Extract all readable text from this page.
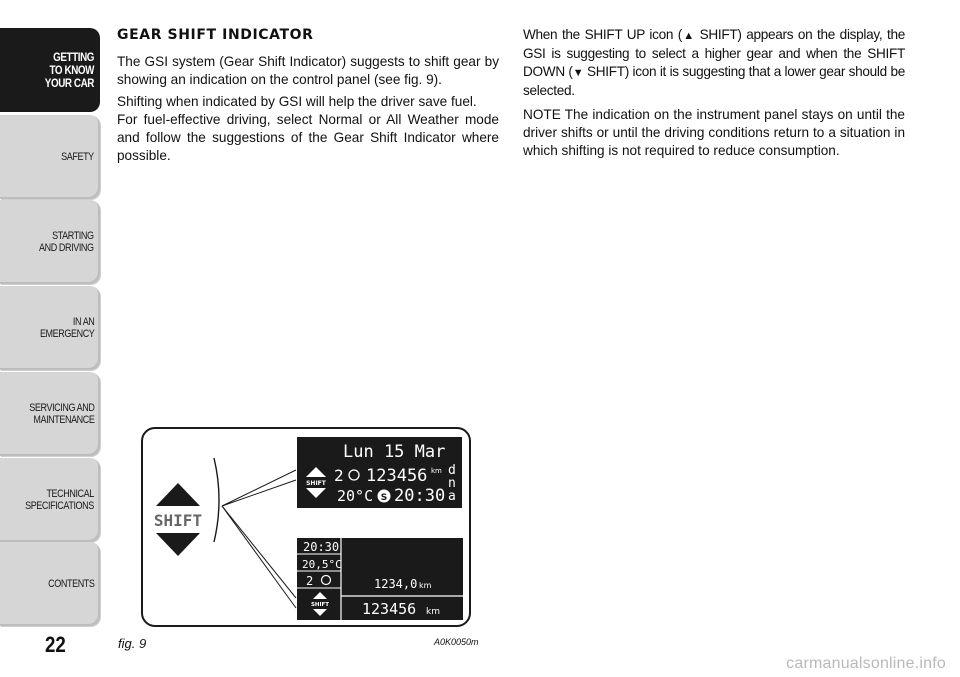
GETTING
TO KNOW
YOUR CAR
SAFETY
STARTING
AND DRIVING
IN AN
EMERGENCY
SERVICING AND
MAINTENANCE
TECHNICAL
SPECIFICATIONS
CONTENTS
22
GEAR SHIFT INDICATOR

The GSI system (Gear Shift Indicator) suggests to shift gear by showing an indication on the control panel (see fig. 9).

Shifting when indicated by GSI will help the driver save fuel.

For fuel-effective driving, select Normal or All Weather mode and follow the suggestions of the Gear Shift Indicator where possible.

When the SHIFT UP icon (▲ SHIFT) appears on the display, the GSI is suggesting to select a higher gear and when the SHIFT DOWN (▼ SHIFT) icon it is suggesting that a lower gear should be selected.

NOTE The indication on the instrument panel stays on until the driver shifts or until the driving conditions return to a situation in which shifting is not required to reduce consumption.

SHIFT
Lun 15 Mar
SHIFT 2 123456 km d
n
a
20°C S 20:30
20:30
20,5°C
2
SHIFT
1234,0 km
123456 km
fig. 9	A0K0050m
carmanualsonline.info
